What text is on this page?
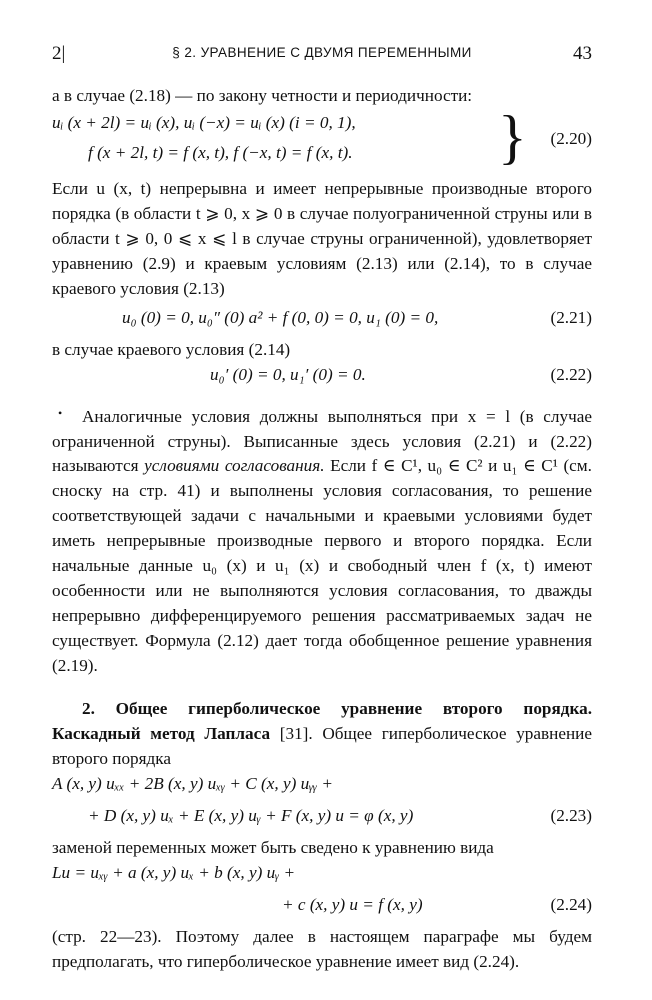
2|	§ 2. УРАВНЕНИЕ С ДВУМЯ ПЕРЕМЕННЫМИ	43

а в случае (2.18) — по закону четности и периодичности:

uᵢ (x + 2l) = uᵢ (x), uᵢ (−x) = uᵢ (x) (i = 0, 1),
f (x + 2l, t) = f (x, t), f (−x, t) = f (x, t). } (2.20)

Если u (x, t) непрерывна и имеет непрерывные производные второго порядка (в области t ⩾ 0, x ⩾ 0 в случае полуограниченной струны или в области t ⩾ 0, 0 ⩽ x ⩽ l в случае струны ограниченной), удовлетворяет уравнению (2.9) и краевым условиям (2.13) или (2.14), то в случае краевого условия (2.13)

u₀ (0) = 0, u₀″ (0) a² + f (0, 0) = 0, u₁ (0) = 0,	(2.21)

в случае краевого условия (2.14)

u₀′ (0) = 0, u₁′ (0) = 0.	(2.22)

• Аналогичные условия должны выполняться при x = l (в случае ограниченной струны). Выписанные здесь условия (2.21) и (2.22) называются условиями согласования. Если f ∈ C¹, u₀ ∈ C² и u₁ ∈ C¹ (см. сноску на стр. 41) и выполнены условия согласования, то решение соответствующей задачи с начальными и краевыми условиями будет иметь непрерывные производные первого и второго порядка. Если начальные данные u₀ (x) и u₁ (x) и свободный член f (x, t) имеют особенности или не выполняются условия согласования, то дважды непрерывно дифференцируемого решения рассматриваемых задач не существует. Формула (2.12) дает тогда обобщенное решение уравнения (2.19).

2. Общее гиперболическое уравнение второго порядка. Каскадный метод Лапласа [31]. Общее гиперболическое уравнение второго порядка

A (x, y) uₓₓ + 2B (x, y) uₓᵧ + C (x, y) uᵧᵧ +
+ D (x, y) uₓ + E (x, y) uᵧ + F (x, y) u = φ (x, y)	(2.23)

заменой переменных может быть сведено к уравнению вида

Lu = uₓᵧ + a (x, y) uₓ + b (x, y) uᵧ +
+ c (x, y) u = f (x, y)	(2.24)

(стр. 22—23). Поэтому далее в настоящем параграфе мы будем предполагать, что гиперболическое уравнение имеет вид (2.24).
